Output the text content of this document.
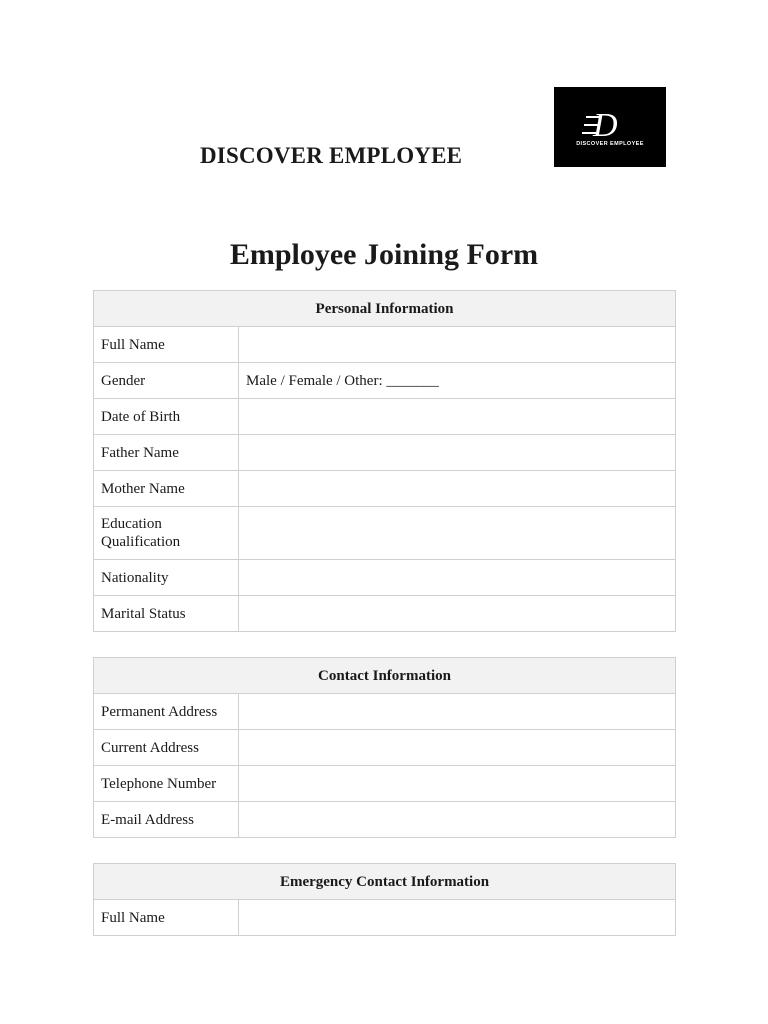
DISCOVER EMPLOYEE
D
DISCOVER EMPLOYEE
Employee Joining Form
Personal Information	
Full Name	
Gender	Male / Female / Other: _______
Date of Birth	
Father Name	
Mother Name	
Education Qualification	
Nationality	
Marital Status	
Contact Information	
Permanent Address	
Current Address	
Telephone Number	
E-mail Address	
Emergency Contact Information
Full Name	
